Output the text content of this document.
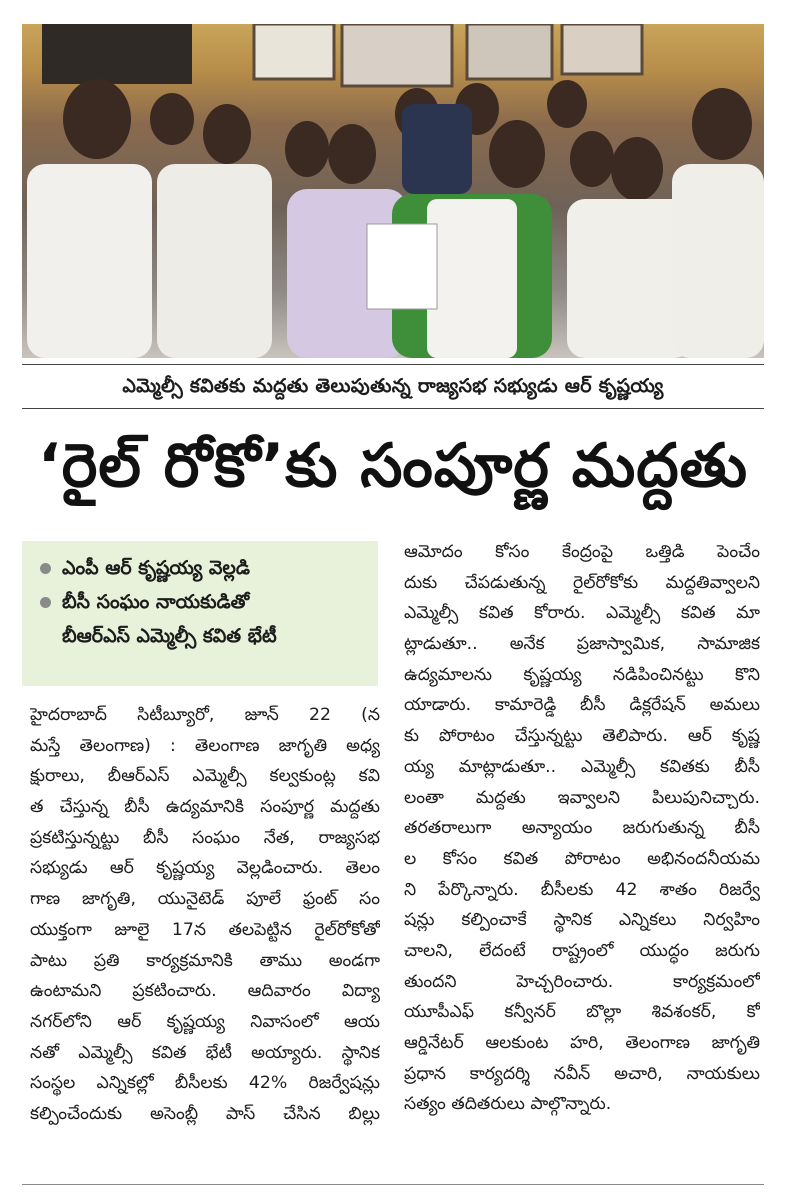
ఎమ్మెల్సీ కవితకు మద్దతు తెలుపుతున్న రాజ్యసభ సభ్యుడు ఆర్ కృష్ణయ్య
‘రైల్ రోకో’కు సంపూర్ణ మద్దతు
ఎంపీ ఆర్ కృష్ణయ్య వెల్లడి
బీసీ సంఘం నాయకుడితో
బీఆర్ఎస్ ఎమ్మెల్సీ కవిత భేటీ
హైదరాబాద్ సిటీబ్యూరో, జూన్ 22 (న
మస్తే తెలంగాణ) : తెలంగాణ జాగృతి అధ్య
క్షురాలు, బీఆర్ఎస్ ఎమ్మెల్సీ కల్వకుంట్ల కవి
త చేస్తున్న బీసీ ఉద్యమానికి సంపూర్ణ మద్దతు
ప్రకటిస్తున్నట్టు బీసీ సంఘం నేత, రాజ్యసభ
సభ్యుడు ఆర్ కృష్ణయ్య వెల్లడించారు. తెలం
గాణ జాగృతి, యునైటెడ్ పూలే ఫ్రంట్ సం
యుక్తంగా జూలై 17న తలపెట్టిన రైల్‌రోకోతో
పాటు ప్రతి కార్యక్రమానికి తాము అండగా
ఉంటామని ప్రకటించారు. ఆదివారం విద్యా
నగర్‌లోని ఆర్ కృష్ణయ్య నివాసంలో ఆయ
నతో ఎమ్మెల్సీ కవిత భేటీ అయ్యారు. స్థానిక
సంస్థల ఎన్నికల్లో బీసీలకు 42% రిజర్వేషన్లు
కల్పించేందుకు అసెంబ్లీ పాస్ చేసిన బిల్లు
ఆమోదం కోసం కేంద్రంపై ఒత్తిడి పెంచేం
దుకు చేపడుతున్న రైల్‌రోకోకు మద్దతివ్వాలని
ఎమ్మెల్సీ కవిత కోరారు. ఎమ్మెల్సీ కవిత మా
ట్లాడుతూ.. అనేక ప్రజాస్వామిక, సామాజిక
ఉద్యమాలను కృష్ణయ్య నడిపించినట్టు కొని
యాడారు. కామారెడ్డి బీసీ డిక్లరేషన్ అమలు
కు పోరాటం చేస్తున్నట్టు తెలిపారు. ఆర్ కృష్ణ
య్య మాట్లాడుతూ.. ఎమ్మెల్సీ కవితకు బీసీ
లంతా మద్దతు ఇవ్వాలని పిలుపునిచ్చారు.
తరతరాలుగా అన్యాయం జరుగుతున్న బీసీ
ల కోసం కవిత పోరాటం అభినందనీయమ
ని పేర్కొన్నారు. బీసీలకు 42 శాతం రిజర్వే
షన్లు కల్పించాకే స్థానిక ఎన్నికలు నిర్వహిం
చాలని, లేదంటే రాష్ట్రంలో యుద్ధం జరుగు
తుందని హెచ్చరించారు. కార్యక్రమంలో
యూపీఎఫ్ కన్వీనర్ బొల్లా శివశంకర్, కో
ఆర్డినేటర్ ఆలకుంట హరి, తెలంగాణ జాగృతి
ప్రధాన కార్యదర్శి నవీన్ అచారి, నాయకులు
సత్యం తదితరులు పాల్గొన్నారు.
